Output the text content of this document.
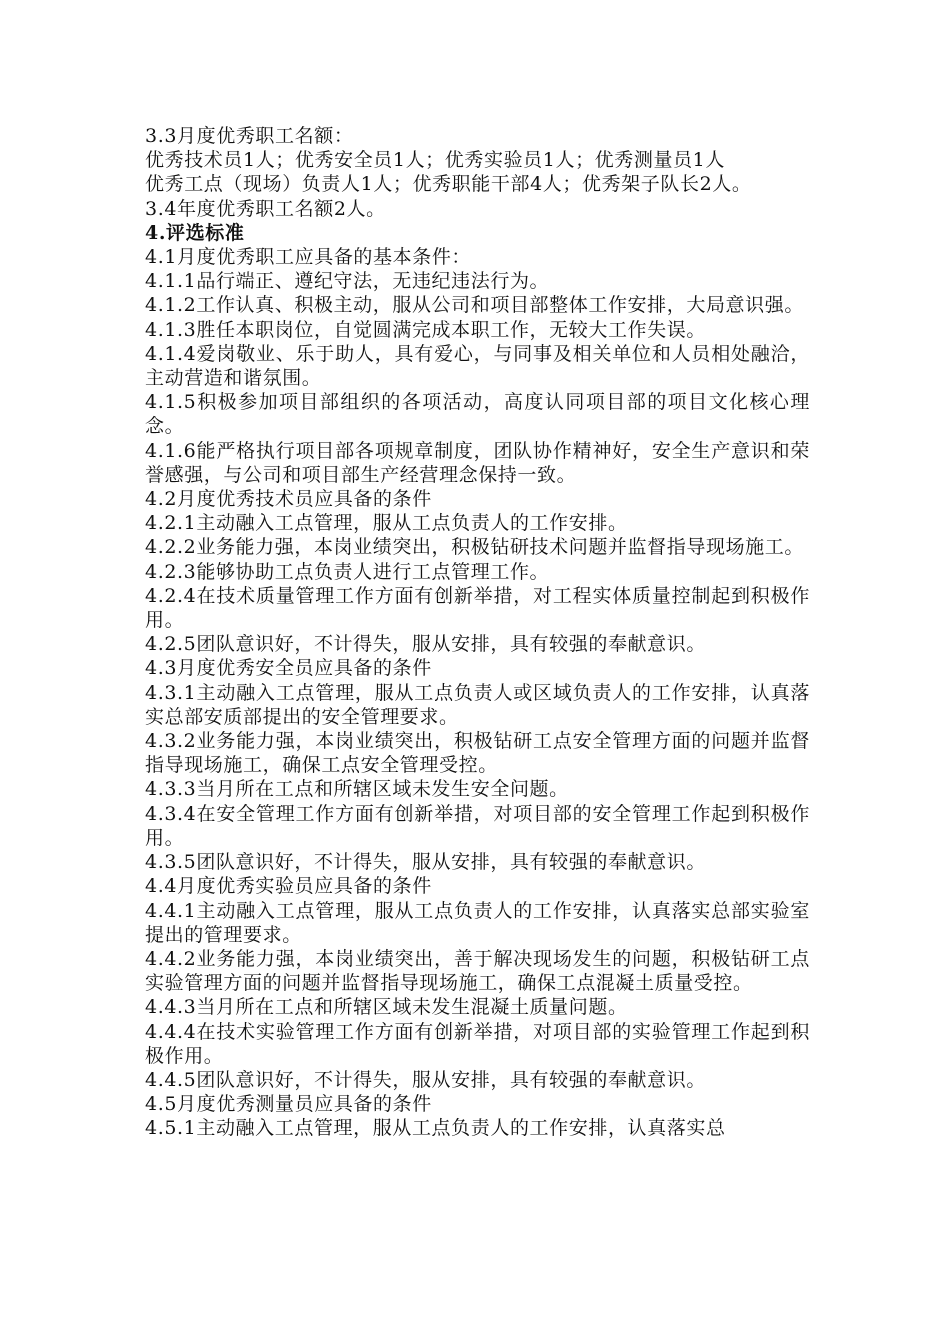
3.3月度优秀职工名额：
优秀技术员1人；优秀安全员1人；优秀实验员1人；优秀测量员1人
优秀工点（现场）负责人1人；优秀职能干部4人；优秀架子队长2人。
3.4年度优秀职工名额2人。
4.评选标准
4.1月度优秀职工应具备的基本条件：
4.1.1品行端正、遵纪守法，无违纪违法行为。
4.1.2工作认真、积极主动，服从公司和项目部整体工作安排，大局意识强。
4.1.3胜任本职岗位，自觉圆满完成本职工作，无较大工作失误。
4.1.4爱岗敬业、乐于助人，具有爱心，与同事及相关单位和人员相处融洽，主动营造和谐氛围。
4.1.5积极参加项目部组织的各项活动，高度认同项目部的项目文化核心理念。
4.1.6能严格执行项目部各项规章制度，团队协作精神好，安全生产意识和荣誉感强，与公司和项目部生产经营理念保持一致。
4.2月度优秀技术员应具备的条件
4.2.1主动融入工点管理，服从工点负责人的工作安排。
4.2.2业务能力强，本岗业绩突出，积极钻研技术问题并监督指导现场施工。
4.2.3能够协助工点负责人进行工点管理工作。
4.2.4在技术质量管理工作方面有创新举措，对工程实体质量控制起到积极作用。
4.2.5团队意识好，不计得失，服从安排，具有较强的奉献意识。
4.3月度优秀安全员应具备的条件
4.3.1主动融入工点管理，服从工点负责人或区域负责人的工作安排，认真落实总部安质部提出的安全管理要求。
4.3.2业务能力强，本岗业绩突出，积极钻研工点安全管理方面的问题并监督指导现场施工，确保工点安全管理受控。
4.3.3当月所在工点和所辖区域未发生安全问题。
4.3.4在安全管理工作方面有创新举措，对项目部的安全管理工作起到积极作用。
4.3.5团队意识好，不计得失，服从安排，具有较强的奉献意识。
4.4月度优秀实验员应具备的条件
4.4.1主动融入工点管理，服从工点负责人的工作安排，认真落实总部实验室提出的管理要求。
4.4.2业务能力强，本岗业绩突出，善于解决现场发生的问题，积极钻研工点实验管理方面的问题并监督指导现场施工，确保工点混凝土质量受控。
4.4.3当月所在工点和所辖区域未发生混凝土质量问题。
4.4.4在技术实验管理工作方面有创新举措，对项目部的实验管理工作起到积极作用。
4.4.5团队意识好，不计得失，服从安排，具有较强的奉献意识。
4.5月度优秀测量员应具备的条件
4.5.1主动融入工点管理，服从工点负责人的工作安排，认真落实总
